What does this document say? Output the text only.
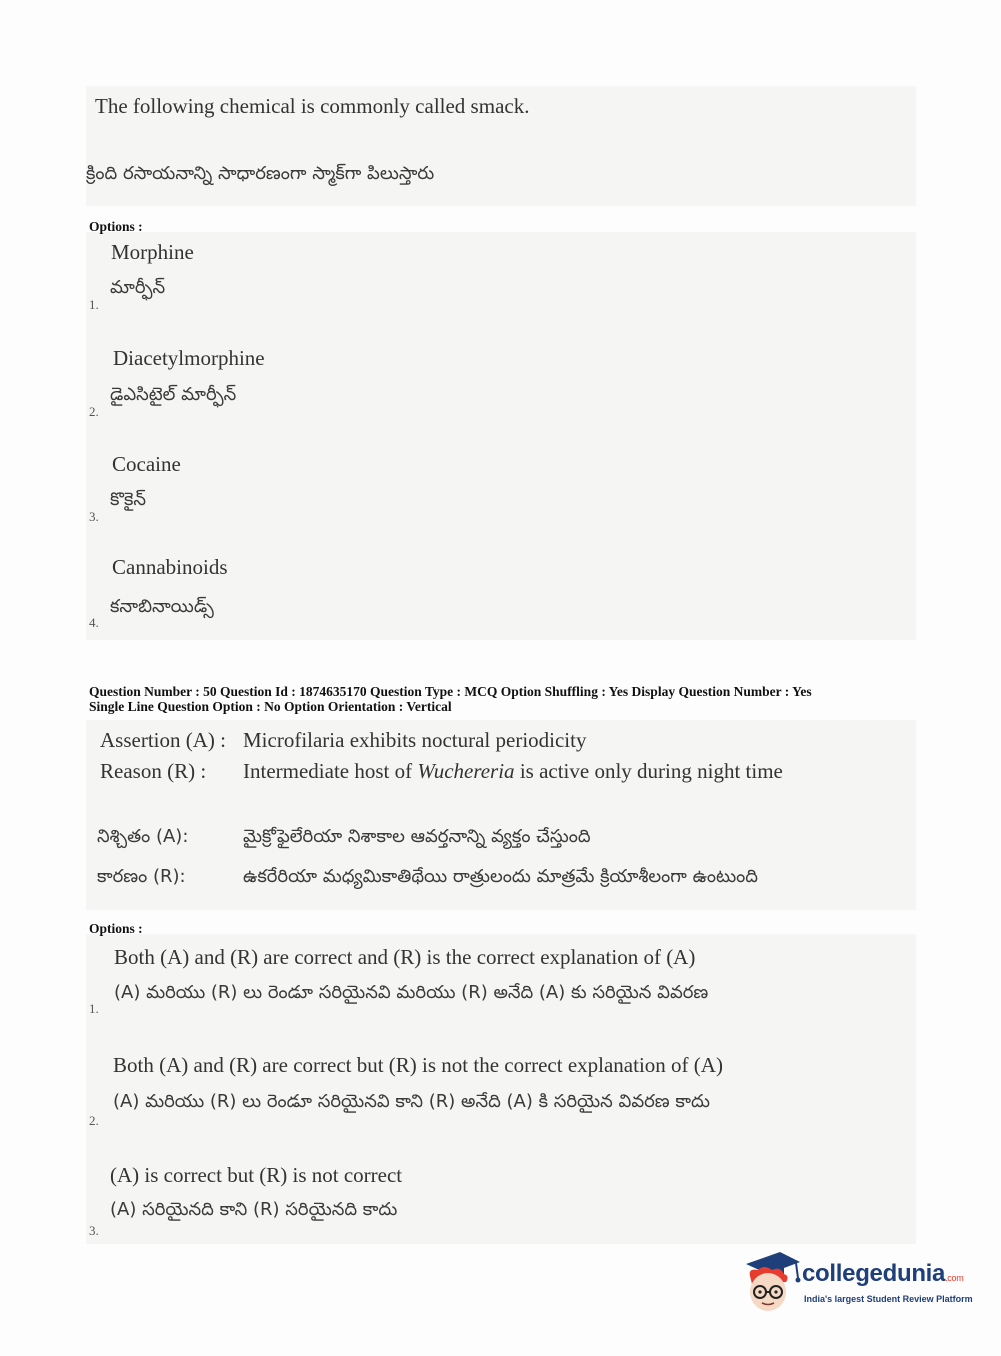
The following chemical is commonly called smack.
క్రింది రసాయనాన్ని సాధారణంగా స్మాక్‌గా పిలుస్తారు
Options :
Morphine
మార్ఫీన్
1.
Diacetylmorphine
డైఎసిటైల్ మార్ఫీన్
2.
Cocaine
కొకైన్
3.
Cannabinoids
కనాబినాయిడ్స్
4.
Question Number : 50 Question Id : 1874635170 Question Type : MCQ Option Shuffling : Yes Display Question Number : Yes
Single Line Question Option : No Option Orientation : Vertical
Assertion (A) : Microfilaria exhibits noctural periodicity
Reason (R) : Intermediate host of Wuchereria is active only during night time
నిశ్చితం (A):	మైక్రోఫైలేరియా నిశాకాల ఆవర్తనాన్ని వ్యక్తం చేస్తుంది
కారణం (R):	ఉకరేరియా మధ్యమికాతిథేయి రాత్రులందు మాత్రమే క్రియాశీలంగా ఉంటుంది
Options :
Both (A) and (R) are correct and (R) is the correct explanation of (A)
(A) మరియు (R) లు రెండూ సరియైనవి మరియు (R) అనేది (A) కు సరియైన వివరణ
1.
Both (A) and (R) are correct but (R) is not the correct explanation of (A)
(A) మరియు (R) లు రెండూ సరియైనవి కాని (R) అనేది (A) కి సరియైన వివరణ కాదు
2.
(A) is correct but (R) is not correct
(A) సరియైనది కాని (R) సరియైనది కాదు
3.
collegedunia.com
India's largest Student Review Platform
